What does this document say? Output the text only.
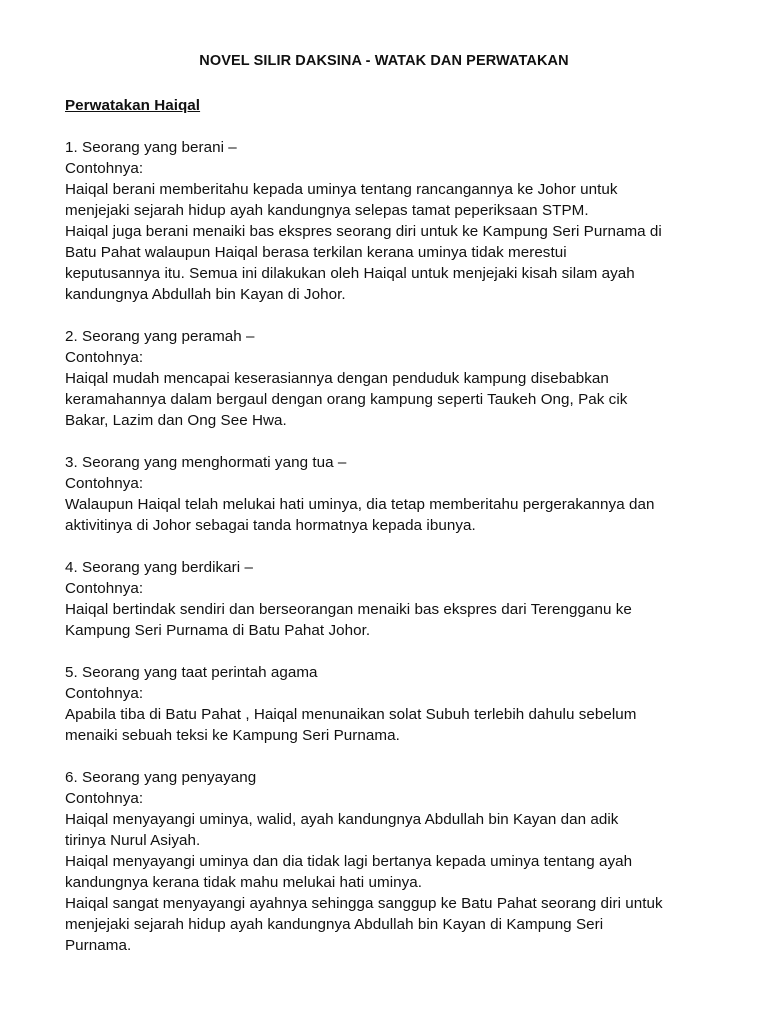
NOVEL SILIR DAKSINA - WATAK DAN PERWATAKAN
Perwatakan Haiqal
1. Seorang yang berani –
Contohnya:
Haiqal berani memberitahu kepada uminya tentang rancangannya ke Johor untuk
menjejaki sejarah hidup ayah kandungnya selepas tamat peperiksaan STPM.
Haiqal juga berani menaiki bas ekspres seorang diri untuk ke Kampung Seri Purnama di
Batu Pahat walaupun Haiqal berasa terkilan kerana uminya tidak merestui
keputusannya itu. Semua ini dilakukan oleh Haiqal untuk menjejaki kisah silam ayah
kandungnya Abdullah bin Kayan di Johor.
2. Seorang yang peramah –
Contohnya:
Haiqal mudah mencapai keserasiannya dengan penduduk kampung disebabkan
keramahannya dalam bergaul dengan orang kampung seperti Taukeh Ong, Pak cik
Bakar, Lazim dan Ong See Hwa.
3. Seorang yang menghormati yang tua –
Contohnya:
Walaupun Haiqal telah melukai hati uminya, dia tetap memberitahu pergerakannya dan
aktivitinya di Johor sebagai tanda hormatnya kepada ibunya.
4. Seorang yang berdikari –
Contohnya:
Haiqal bertindak sendiri dan berseorangan menaiki bas ekspres dari Terengganu ke
Kampung Seri Purnama di Batu Pahat Johor.
5. Seorang yang taat perintah agama
Contohnya:
Apabila tiba di Batu Pahat , Haiqal menunaikan solat Subuh terlebih dahulu sebelum
menaiki sebuah teksi ke Kampung Seri Purnama.
6. Seorang yang penyayang
Contohnya:
Haiqal menyayangi uminya, walid, ayah kandungnya Abdullah bin Kayan dan adik
tirinya Nurul Asiyah.
Haiqal menyayangi uminya dan dia tidak lagi bertanya kepada uminya tentang ayah
kandungnya kerana tidak mahu melukai hati uminya.
Haiqal sangat menyayangi ayahnya sehingga sanggup ke Batu Pahat seorang diri untuk
menjejaki sejarah hidup ayah kandungnya Abdullah bin Kayan di Kampung Seri
Purnama.
